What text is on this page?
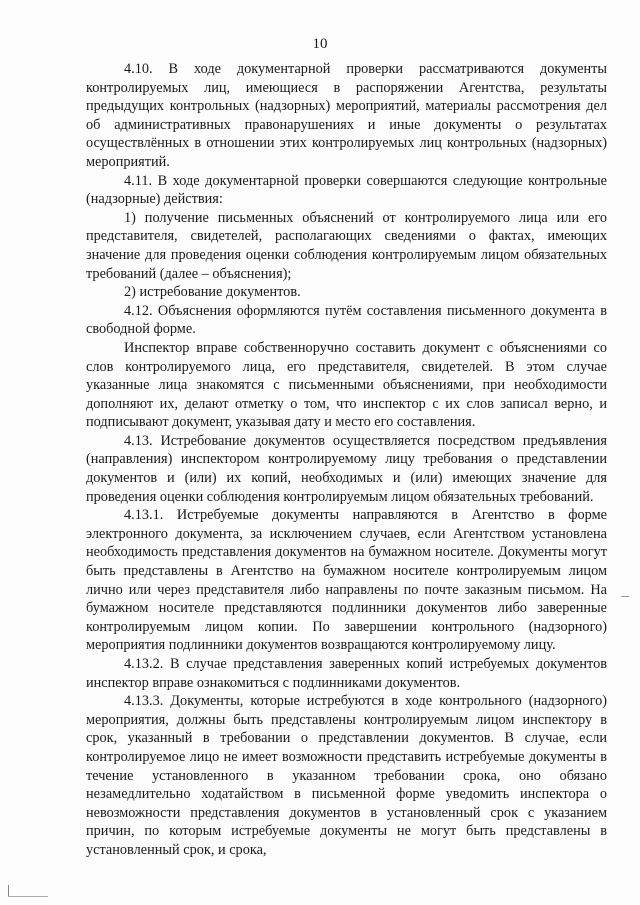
10

4.10. В ходе документарной проверки рассматриваются документы контролируемых лиц, имеющиеся в распоряжении Агентства, результаты предыдущих контрольных (надзорных) мероприятий, материалы рассмотрения дел об административных правонарушениях и иные документы о результатах осуществлённых в отношении этих контролируемых лиц контрольных (надзорных) мероприятий.

4.11. В ходе документарной проверки совершаются следующие контрольные (надзорные) действия:

1) получение письменных объяснений от контролируемого лица или его представителя, свидетелей, располагающих сведениями о фактах, имеющих значение для проведения оценки соблюдения контролируемым лицом обязательных требований (далее – объяснения);

2) истребование документов.

4.12. Объяснения оформляются путём составления письменного документа в свободной форме.

Инспектор вправе собственноручно составить документ с объяснениями со слов контролируемого лица, его представителя, свидетелей. В этом случае указанные лица знакомятся с письменными объяснениями, при необходимости дополняют их, делают отметку о том, что инспектор с их слов записал верно, и подписывают документ, указывая дату и место его составления.

4.13. Истребование документов осуществляется посредством предъявления (направления) инспектором контролируемому лицу требования о представлении документов и (или) их копий, необходимых и (или) имеющих значение для проведения оценки соблюдения контролируемым лицом обязательных требований.

4.13.1. Истребуемые документы направляются в Агентство в форме электронного документа, за исключением случаев, если Агентством установлена необходимость представления документов на бумажном носителе. Документы могут быть представлены в Агентство на бумажном носителе контролируемым лицом лично или через представителя либо направлены по почте заказным письмом. На бумажном носителе представляются подлинники документов либо заверенные контролируемым лицом копии. По завершении контрольного (надзорного) мероприятия подлинники документов возвращаются контролируемому лицу.

4.13.2. В случае представления заверенных копий истребуемых документов инспектор вправе ознакомиться с подлинниками документов.

4.13.3. Документы, которые истребуются в ходе контрольного (надзорного) мероприятия, должны быть представлены контролируемым лицом инспектору в срок, указанный в требовании о представлении документов. В случае, если контролируемое лицо не имеет возможности представить истребуемые документы в течение установленного в указанном требовании срока, оно обязано незамедлительно ходатайством в письменной форме уведомить инспектора о невозможности представления документов в установленный срок с указанием причин, по которым истребуемые документы не могут быть представлены в установленный срок, и срока,
